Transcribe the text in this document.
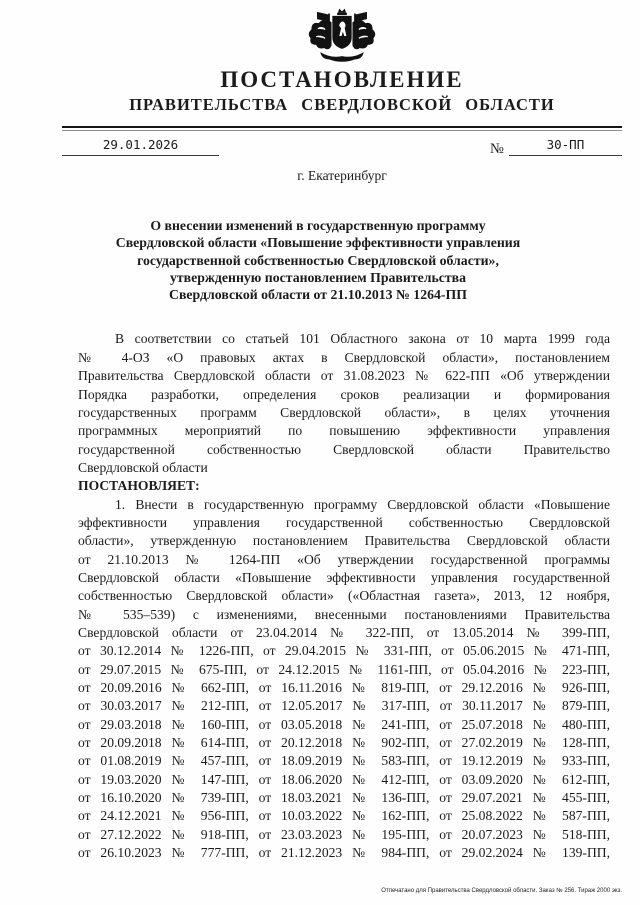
ПОСТАНОВЛЕНИЕ
ПРАВИТЕЛЬСТВА СВЕРДЛОВСКОЙ ОБЛАСТИ
29.01.2026	№	30-ПП
г. Екатеринбург
О внесении изменений в государственную программу
Свердловской области «Повышение эффективности управления
государственной собственностью Свердловской области»,
утвержденную постановлением Правительства
Свердловской области от 21.10.2013 № 1264-ПП
В соответствии со статьей 101 Областного закона от 10 марта 1999 года
№ 4-ОЗ «О правовых актах в Свердловской области», постановлением
Правительства Свердловской области от 31.08.2023 № 622-ПП «Об утверждении
Порядка разработки, определения сроков реализации и формирования
государственных программ Свердловской области», в целях уточнения
программных мероприятий по повышению эффективности управления
государственной собственностью Свердловской области Правительство
Свердловской области
ПОСТАНОВЛЯЕТ:
1. Внести в государственную программу Свердловской области «Повышение
эффективности управления государственной собственностью Свердловской
области», утвержденную постановлением Правительства Свердловской области
от 21.10.2013 № 1264-ПП «Об утверждении государственной программы
Свердловской области «Повышение эффективности управления государственной
собственностью Свердловской области» («Областная газета», 2013, 12 ноября,
№ 535–539) с изменениями, внесенными постановлениями Правительства
Свердловской области от 23.04.2014 № 322-ПП, от 13.05.2014 № 399-ПП,
от 30.12.2014 № 1226-ПП, от 29.04.2015 № 331-ПП, от 05.06.2015 № 471-ПП,
от 29.07.2015 № 675-ПП, от 24.12.2015 № 1161-ПП, от 05.04.2016 № 223-ПП,
от 20.09.2016 № 662-ПП, от 16.11.2016 № 819-ПП, от 29.12.2016 № 926-ПП,
от 30.03.2017 № 212-ПП, от 12.05.2017 № 317-ПП, от 30.11.2017 № 879-ПП,
от 29.03.2018 № 160-ПП, от 03.05.2018 № 241-ПП, от 25.07.2018 № 480-ПП,
от 20.09.2018 № 614-ПП, от 20.12.2018 № 902-ПП, от 27.02.2019 № 128-ПП,
от 01.08.2019 № 457-ПП, от 18.09.2019 № 583-ПП, от 19.12.2019 № 933-ПП,
от 19.03.2020 № 147-ПП, от 18.06.2020 № 412-ПП, от 03.09.2020 № 612-ПП,
от 16.10.2020 № 739-ПП, от 18.03.2021 № 136-ПП, от 29.07.2021 № 455-ПП,
от 24.12.2021 № 956-ПП, от 10.03.2022 № 162-ПП, от 25.08.2022 № 587-ПП,
от 27.12.2022 № 918-ПП, от 23.03.2023 № 195-ПП, от 20.07.2023 № 518-ПП,
от 26.10.2023 № 777-ПП, от 21.12.2023 № 984-ПП, от 29.02.2024 № 139-ПП,
Отпечатано для Правительства Свердловской области. Заказ № 256. Тираж 2000 экз.
